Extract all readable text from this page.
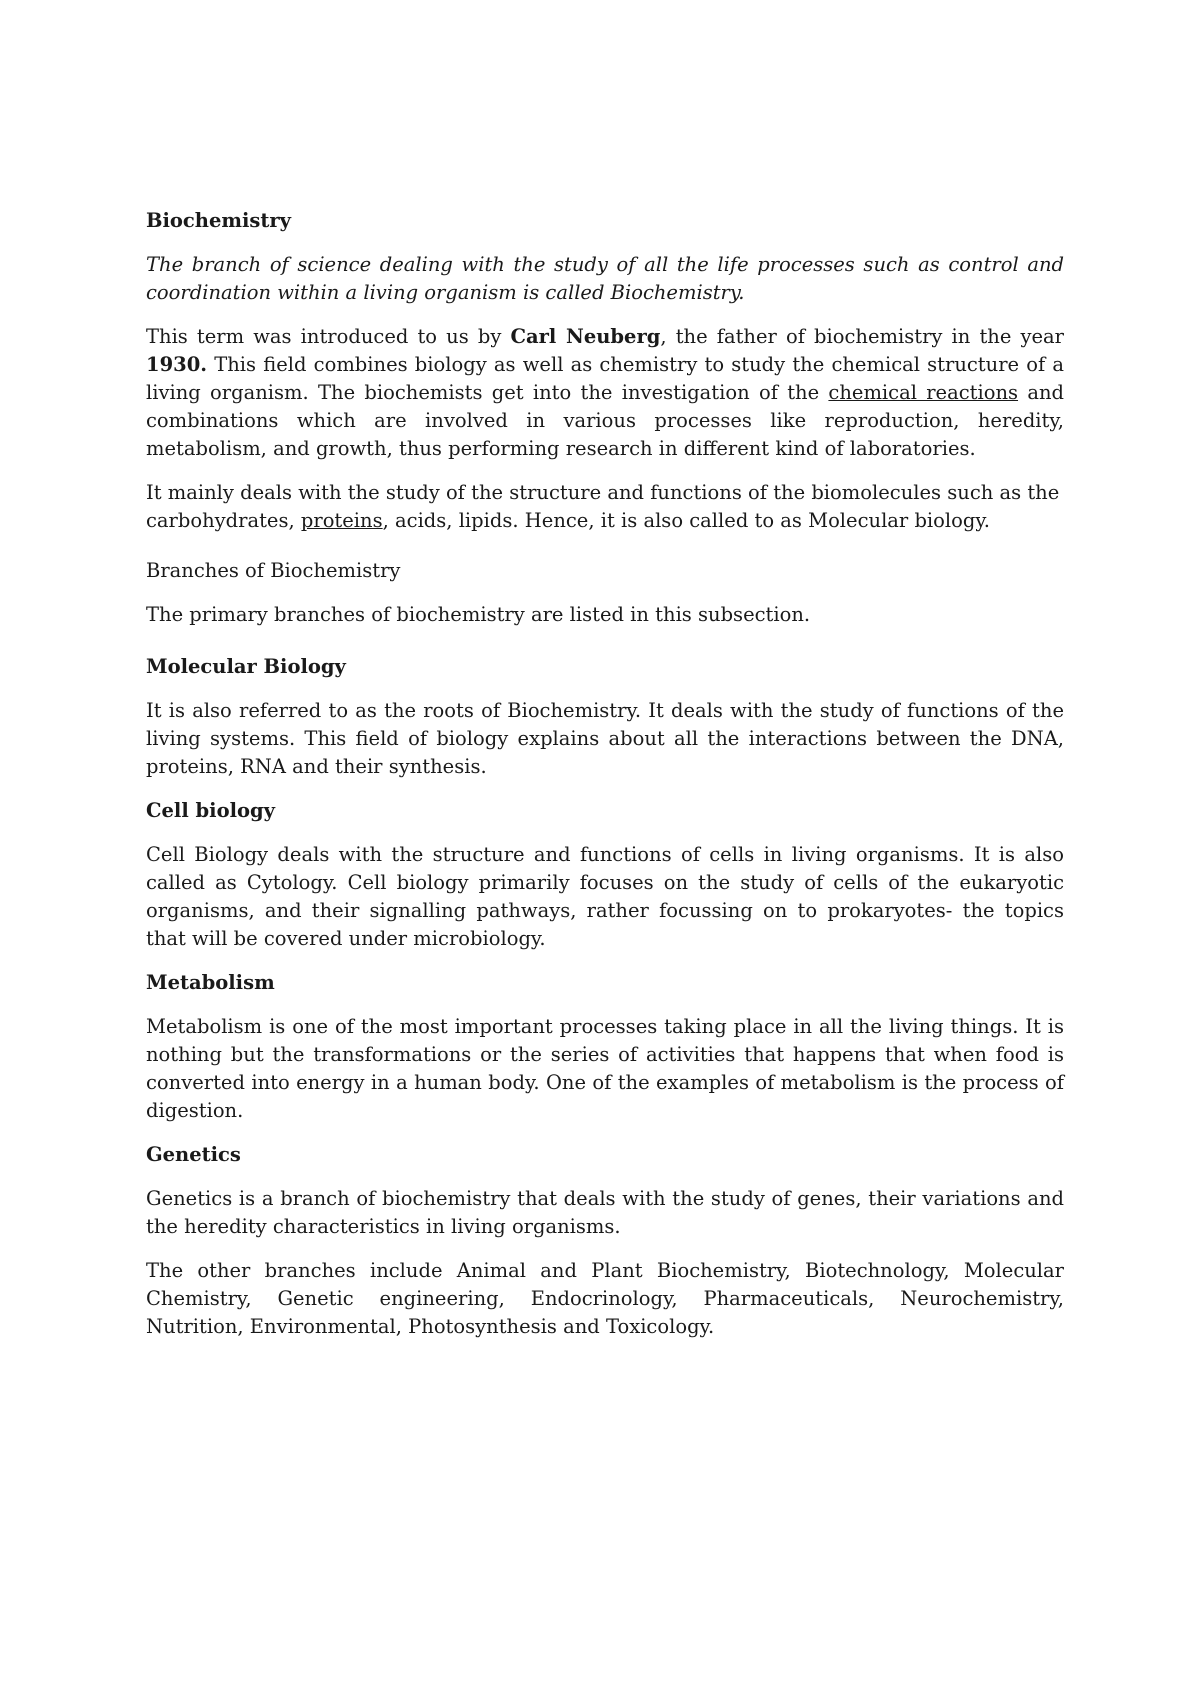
Biochemistry

The branch of science dealing with the study of all the life processes such as control and coordination within a living organism is called Biochemistry.

This term was introduced to us by Carl Neuberg, the father of biochemistry in the year 1930. This field combines biology as well as chemistry to study the chemical structure of a living organism. The biochemists get into the investigation of the chemical reactions and combinations which are involved in various processes like reproduction, heredity, metabolism, and growth, thus performing research in different kind of laboratories.

It mainly deals with the study of the structure and functions of the biomolecules such as the carbohydrates, proteins, acids, lipids. Hence, it is also called to as Molecular biology.

Branches of Biochemistry

The primary branches of biochemistry are listed in this subsection.

Molecular Biology

It is also referred to as the roots of Biochemistry. It deals with the study of functions of the living systems. This field of biology explains about all the interactions between the DNA, proteins, RNA and their synthesis.

Cell biology

Cell Biology deals with the structure and functions of cells in living organisms. It is also called as Cytology. Cell biology primarily focuses on the study of cells of the eukaryotic organisms, and their signalling pathways, rather focussing on to prokaryotes- the topics that will be covered under microbiology.

Metabolism

Metabolism is one of the most important processes taking place in all the living things. It is nothing but the transformations or the series of activities that happens that when food is converted into energy in a human body. One of the examples of metabolism is the process of digestion.

Genetics

Genetics is a branch of biochemistry that deals with the study of genes, their variations and the heredity characteristics in living organisms.

The other branches include Animal and Plant Biochemistry, Biotechnology, Molecular Chemistry, Genetic engineering, Endocrinology, Pharmaceuticals, Neurochemistry, Nutrition, Environmental, Photosynthesis and Toxicology.
